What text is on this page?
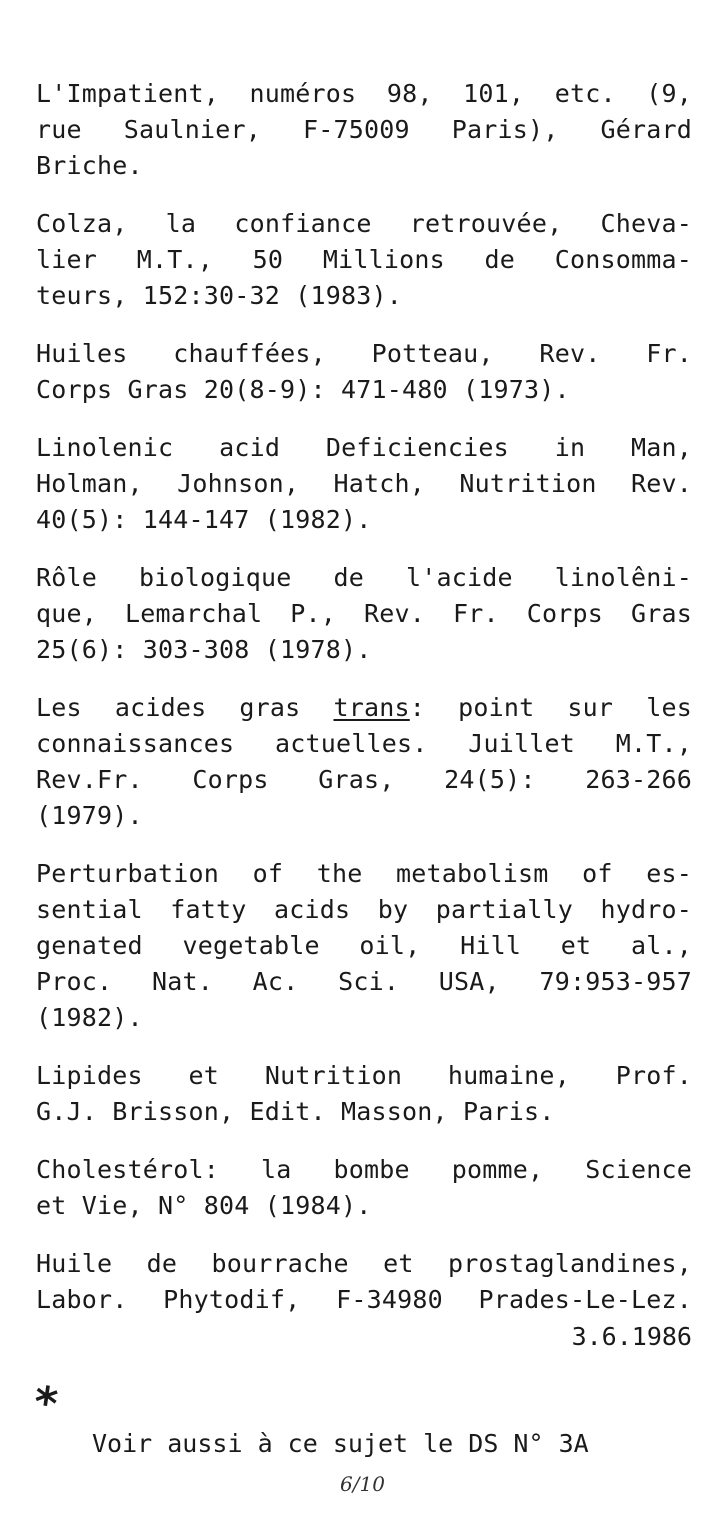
L'Impatient, numéros 98, 101, etc. (9,
rue Saulnier, F-75009 Paris), Gérard
Briche.
Colza, la confiance retrouvée, Cheva-
lier M.T., 50 Millions de Consomma-
teurs, 152:30-32 (1983).
Huiles chauffées, Potteau, Rev. Fr.
Corps Gras 20(8-9): 471-480 (1973).
Linolenic acid Deficiencies in Man,
Holman, Johnson, Hatch, Nutrition Rev.
40(5): 144-147 (1982).
Rôle biologique de l'acide linolêni-
que, Lemarchal P., Rev. Fr. Corps Gras
25(6): 303-308 (1978).
Les acides gras trans: point sur les
connaissances actuelles. Juillet M.T.,
Rev.Fr. Corps Gras, 24(5): 263-266
(1979).
Perturbation of the metabolism of es-
sential fatty acids by partially hydro-
genated vegetable oil, Hill et al.,
Proc. Nat. Ac. Sci. USA, 79:953-957
(1982).
Lipides et Nutrition humaine, Prof.
G.J. Brisson, Edit. Masson, Paris.
Cholestérol: la bombe pomme, Science
et Vie, N° 804 (1984).
Huile de bourrache et prostaglandines,
Labor. Phytodif, F-34980 Prades-Le-Lez.
3.6.1986
*
Voir aussi à ce sujet le DS N° 3A
6/10
